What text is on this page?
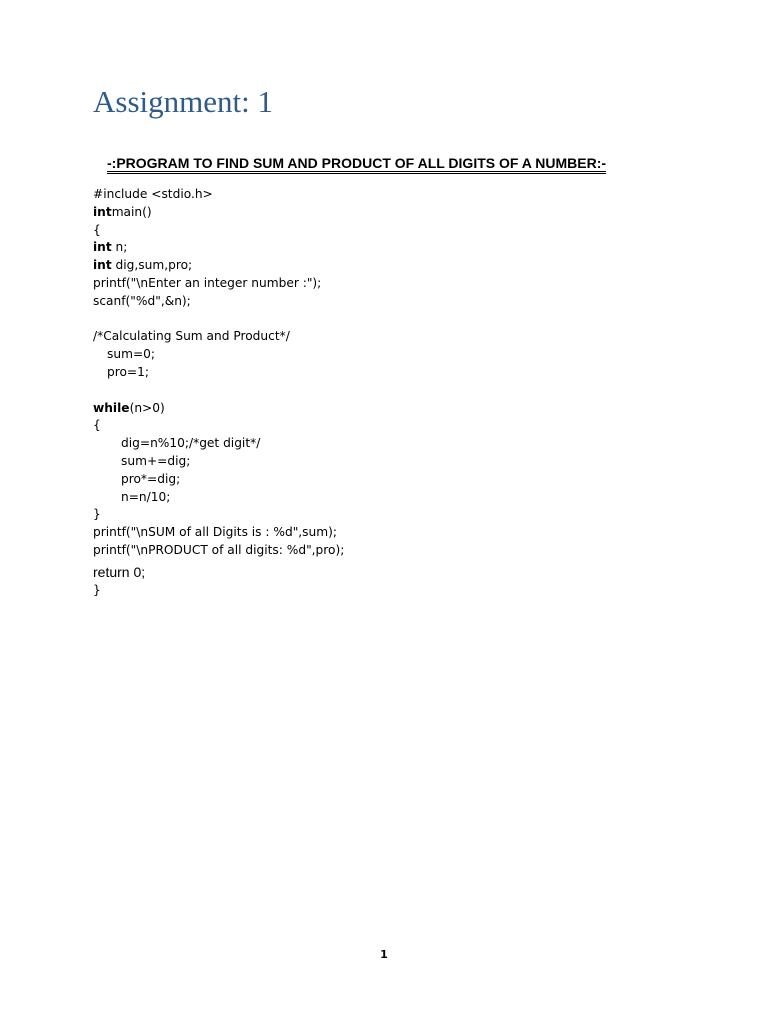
Assignment: 1
-:PROGRAM TO FIND SUM AND PRODUCT OF ALL DIGITS OF A NUMBER:-
#include <stdio.h>
intmain()
{
int n;
int dig,sum,pro;
printf("\nEnter an integer number :");
scanf("%d",&n);
/*Calculating Sum and Product*/
sum=0;
pro=1;
while(n>0)
{
dig=n%10;/*get digit*/
sum+=dig;
pro*=dig;
n=n/10;
}
printf("\nSUM of all Digits is : %d",sum);
printf("\nPRODUCT of all digits: %d",pro);
return 0;
}
1
